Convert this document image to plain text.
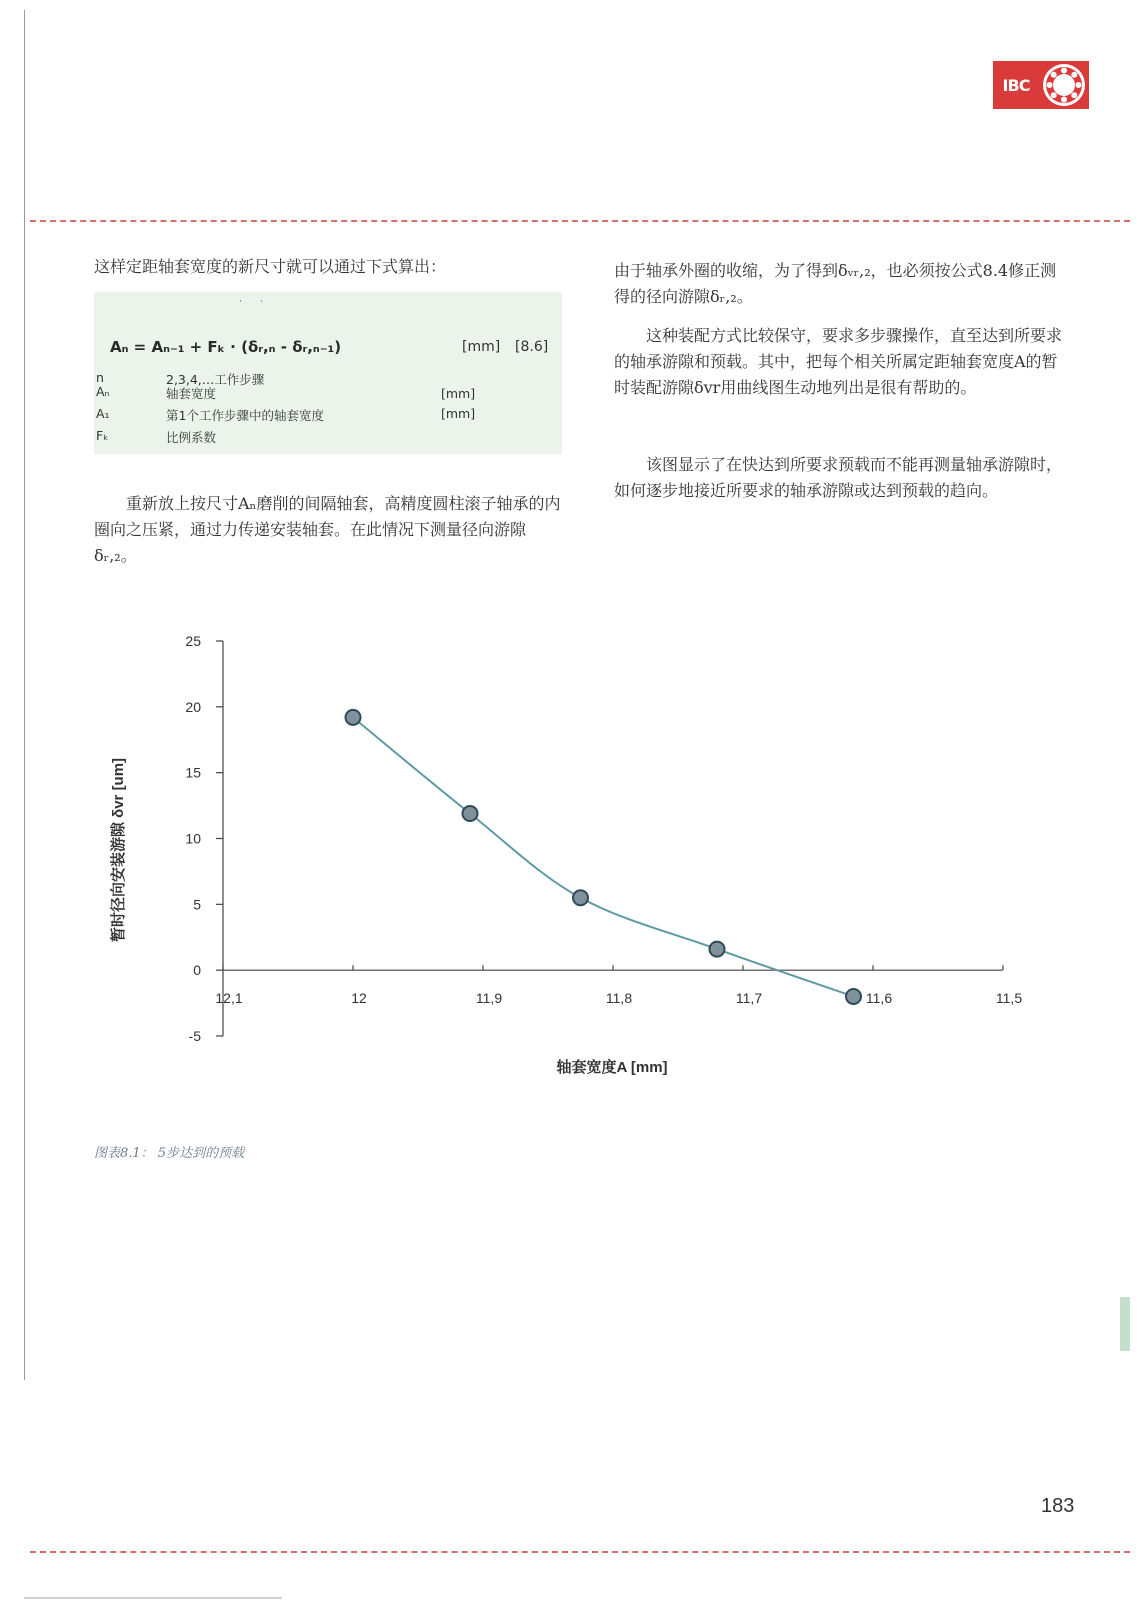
IBC

这样定距轴套宽度的新尺寸就可以通过下式算出：

˙˙
Aₙ = Aₙ₋₁ + Fₖ · (δᵣ,ₙ - δᵣ,ₙ₋₁)	[mm] [8.6]
n	2,3,4,…工作步骤
Aₙ	轴套宽度	[mm]
A₁	第1个工作步骤中的轴套宽度	[mm]
Fₖ	比例系数

重新放上按尺寸Aₙ磨削的间隔轴套，高精度圆柱滚子轴承的内圈向之压紧，通过力传递安装轴套。在此情况下测量径向游隙δᵣ,₂。

由于轴承外圈的收缩，为了得到δᵥᵣ,₂，也必须按公式8.4修正测得的径向游隙δᵣ,₂。

这种装配方式比较保守，要求多步骤操作，直至达到所要求的轴承游隙和预载。其中，把每个相关所属定距轴套宽度A的暂时装配游隙δvr用曲线图生动地列出是很有帮助的。

该图显示了在快达到所要求预载而不能再测量轴承游隙时，如何逐步地接近所要求的轴承游隙或达到预载的趋向。

25
20
15
10
5
0
-5
12,1	12	11,9	11,8	11,7	11,6	11,5
暂时径向安装游隙 δvr [um]
轴套宽度A [mm]
图表8.1： 5步达到的预载
183
